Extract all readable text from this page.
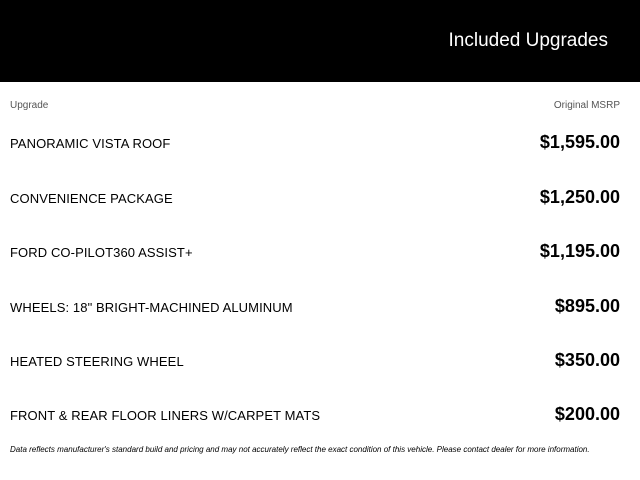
Included Upgrades
Upgrade	Original MSRP
PANORAMIC VISTA ROOF	$1,595.00
CONVENIENCE PACKAGE	$1,250.00
FORD CO-PILOT360 ASSIST+	$1,195.00
WHEELS: 18" BRIGHT-MACHINED ALUMINUM	$895.00
HEATED STEERING WHEEL	$350.00
FRONT & REAR FLOOR LINERS W/CARPET MATS	$200.00
Data reflects manufacturer's standard build and pricing and may not accurately reflect the exact condition of this vehicle. Please contact dealer for more information.
